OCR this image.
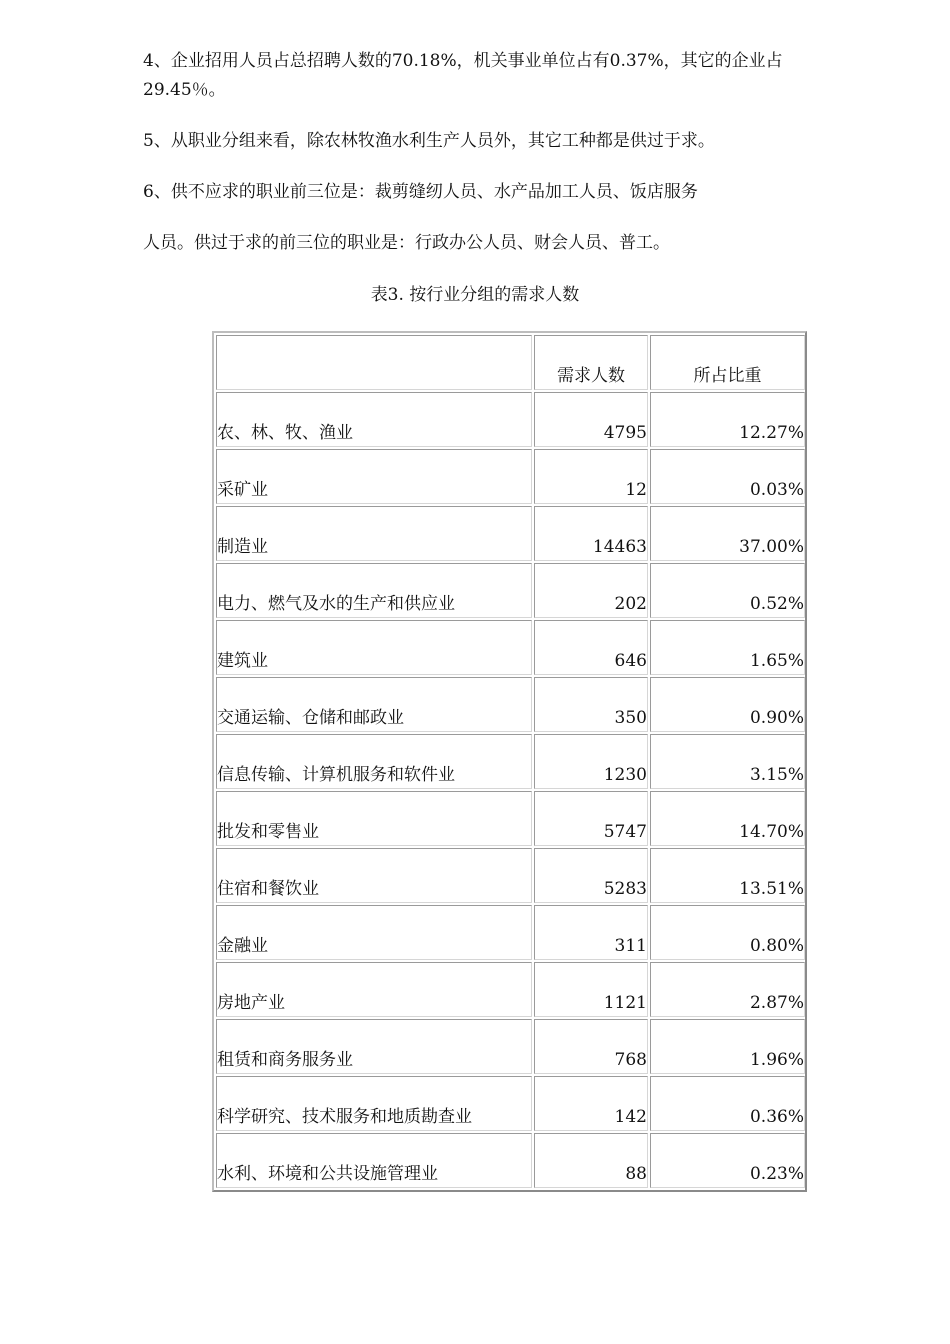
4、企业招用人员占总招聘人数的70.18%，机关事业单位占有0.37%，其它的企业占29.45％。

5、从职业分组来看，除农林牧渔水利生产人员外，其它工种都是供过于求。

6、供不应求的职业前三位是：裁剪缝纫人员、水产品加工人员、饭店服务

人员。供过于求的前三位的职业是：行政办公人员、财会人员、普工。

表3. 按行业分组的需求人数

	需求人数	所占比重
农、林、牧、渔业	4795	12.27%
采矿业	12	0.03%
制造业	14463	37.00%
电力、燃气及水的生产和供应业	202	0.52%
建筑业	646	1.65%
交通运输、仓储和邮政业	350	0.90%
信息传输、计算机服务和软件业	1230	3.15%
批发和零售业	5747	14.70%
住宿和餐饮业	5283	13.51%
金融业	311	0.80%
房地产业	1121	2.87%
租赁和商务服务业	768	1.96%
科学研究、技术服务和地质勘查业	142	0.36%
水利、环境和公共设施管理业	88	0.23%
